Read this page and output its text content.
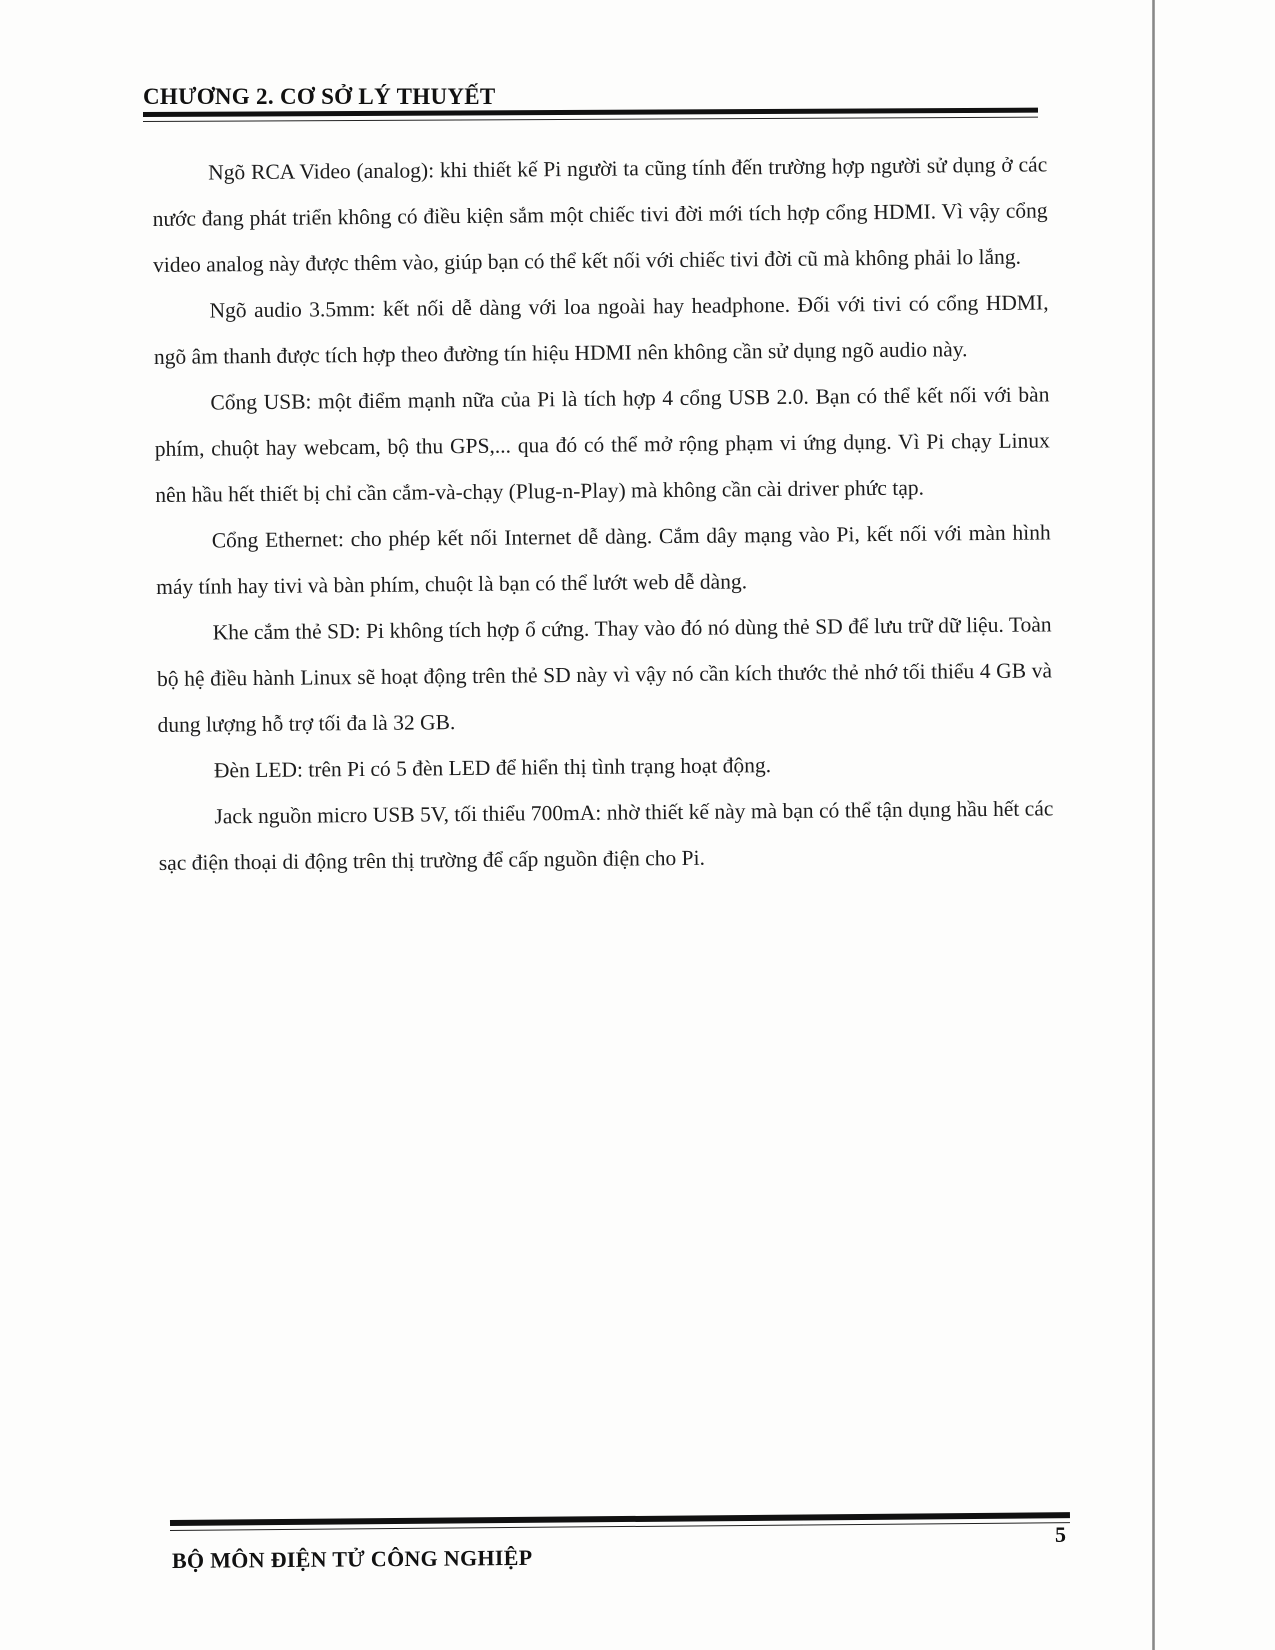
CHƯƠNG 2. CƠ SỞ LÝ THUYẾT

Ngõ RCA Video (analog): khi thiết kế Pi người ta cũng tính đến trường hợp người sử dụng ở các nước đang phát triển không có điều kiện sắm một chiếc tivi đời mới tích hợp cổng HDMI. Vì vậy cổng video analog này được thêm vào, giúp bạn có thể kết nối với chiếc tivi đời cũ mà không phải lo lắng.

Ngõ audio 3.5mm: kết nối dễ dàng với loa ngoài hay headphone. Đối với tivi có cổng HDMI, ngõ âm thanh được tích hợp theo đường tín hiệu HDMI nên không cần sử dụng ngõ audio này.

Cổng USB: một điểm mạnh nữa của Pi là tích hợp 4 cổng USB 2.0. Bạn có thể kết nối với bàn phím, chuột hay webcam, bộ thu GPS,... qua đó có thể mở rộng phạm vi ứng dụng. Vì Pi chạy Linux nên hầu hết thiết bị chỉ cần cắm-và-chạy (Plug-n-Play) mà không cần cài driver phức tạp.

Cổng Ethernet: cho phép kết nối Internet dễ dàng. Cắm dây mạng vào Pi, kết nối với màn hình máy tính hay tivi và bàn phím, chuột là bạn có thể lướt web dễ dàng.

Khe cắm thẻ SD: Pi không tích hợp ổ cứng. Thay vào đó nó dùng thẻ SD để lưu trữ dữ liệu. Toàn bộ hệ điều hành Linux sẽ hoạt động trên thẻ SD này vì vậy nó cần kích thước thẻ nhớ tối thiểu 4 GB và dung lượng hỗ trợ tối đa là 32 GB.

Đèn LED: trên Pi có 5 đèn LED để hiển thị tình trạng hoạt động.

Jack nguồn micro USB 5V, tối thiểu 700mA: nhờ thiết kế này mà bạn có thể tận dụng hầu hết các sạc điện thoại di động trên thị trường để cấp nguồn điện cho Pi.

BỘ MÔN ĐIỆN TỬ CÔNG NGHIỆP
5
